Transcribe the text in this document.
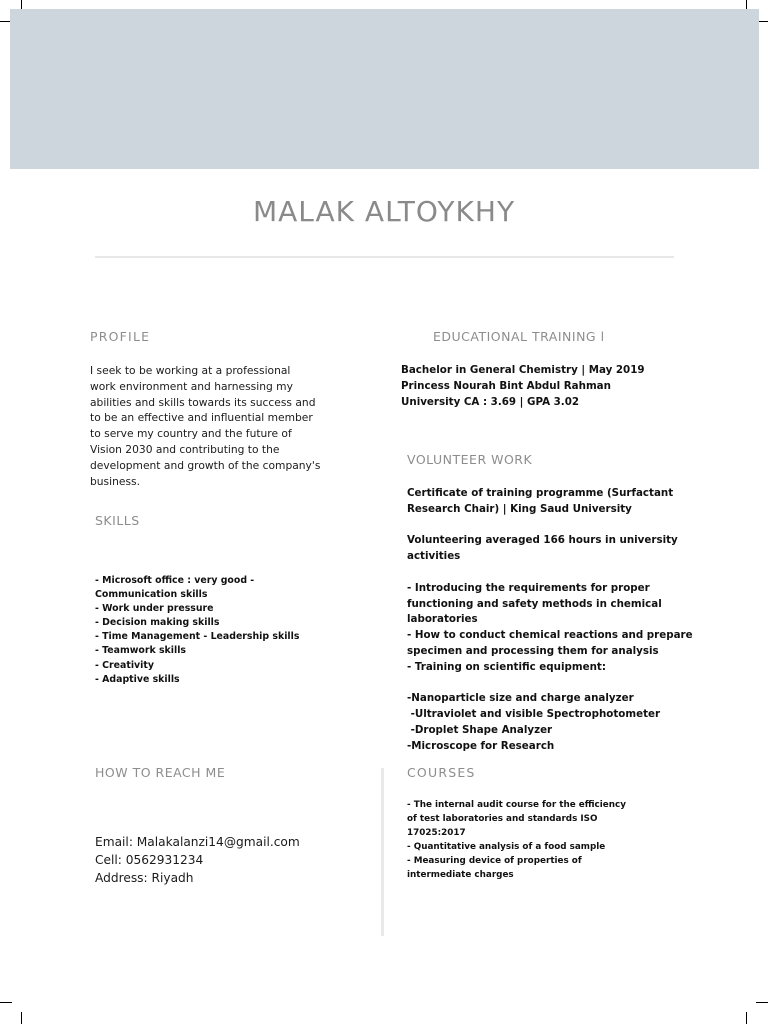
MALAK ALTOYKHY
PROFILE
I seek to be working at a professional
work environment and harnessing my
abilities and skills towards its success and
to be an effective and influential member
to serve my country and the future of
Vision 2030 and contributing to the
development and growth of the company's
business.
SKILLS
- Microsoft office : very good -
Communication skills
- Work under pressure
- Decision making skills
- Time Management - Leadership skills
- Teamwork skills
- Creativity
- Adaptive skills
HOW TO REACH ME
Email: Malakalanzi14@gmail.com
Cell: 0562931234
Address: Riyadh
EDUCATIONAL TRAINING l
Bachelor in General Chemistry | May 2019
Princess Nourah Bint Abdul Rahman
University CA : 3.69 | GPA 3.02
VOLUNTEER WORK
Certificate of training programme (Surfactant
Research Chair) | King Saud University
Volunteering averaged 166 hours in university
activities
- Introducing the requirements for proper
functioning and safety methods in chemical
laboratories
- How to conduct chemical reactions and prepare
specimen and processing them for analysis
- Training on scientific equipment:
-Nanoparticle size and charge analyzer
-Ultraviolet and visible Spectrophotometer
-Droplet Shape Analyzer
-Microscope for Research
COURSES
- The internal audit course for the efficiency
of test laboratories and standards ISO
17025:2017
- Quantitative analysis of a food sample
- Measuring device of properties of
intermediate charges
